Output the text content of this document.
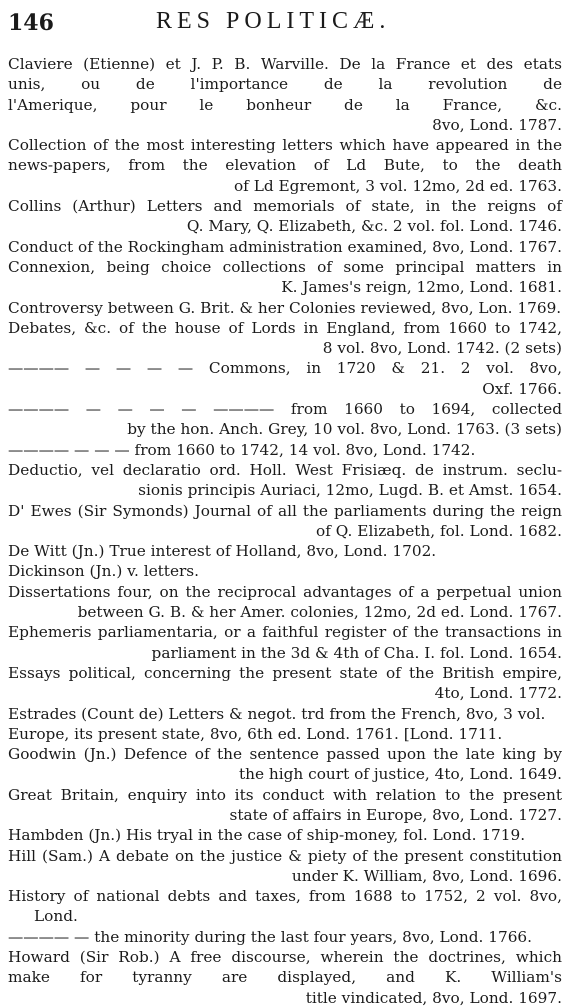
146	RES POLITICÆ.

Claviere (Etienne) et J. P. B. Warville. De la France et des etats
unis, ou de l'importance de la revolution de
l'Amerique, pour le bonheur de la France, &c.
8vo, Lond. 1787.

Collection of the most interesting letters which have appeared in the
news-papers, from the elevation of Ld Bute, to the death
of Ld Egremont, 3 vol. 12mo, 2d ed. 1763.

Collins (Arthur) Letters and memorials of state, in the reigns of
Q. Mary, Q. Elizabeth, &c. 2 vol. fol. Lond. 1746.

Conduct of the Rockingham administration examined, 8vo, Lond. 1767.

Connexion, being choice collections of some principal matters in
K. James's reign, 12mo, Lond. 1681.

Controversy between G. Brit. & her Colonies reviewed, 8vo, Lon. 1769.

Debates, &c. of the house of Lords in England, from 1660 to 1742,
8 vol. 8vo, Lond. 1742. (2 sets)

———— — — — — Commons, in 1720 & 21. 2 vol. 8vo,
Oxf. 1766.

———— — — — — ———— from 1660 to 1694, collected
by the hon. Anch. Grey, 10 vol. 8vo, Lond. 1763. (3 sets)

———— — — — from 1660 to 1742, 14 vol. 8vo, Lond. 1742.

Deductio, vel declaratio ord. Holl. West Frisiæq. de instrum. seclu-
sionis principis Auriaci, 12mo, Lugd. B. et Amst. 1654.

D' Ewes (Sir Symonds) Journal of all the parliaments during the reign
of Q. Elizabeth, fol. Lond. 1682.

De Witt (Jn.) True interest of Holland, 8vo, Lond. 1702.

Dickinson (Jn.) v. letters.

Dissertations four, on the reciprocal advantages of a perpetual union
between G. B. & her Amer. colonies, 12mo, 2d ed. Lond. 1767.

Ephemeris parliamentaria, or a faithful register of the transactions in
parliament in the 3d & 4th of Cha. I. fol. Lond. 1654.

Essays political, concerning the present state of the British empire,
4to, Lond. 1772.

Estrades (Count de) Letters & negot. trd from the French, 8vo, 3 vol.

Europe, its present state, 8vo, 6th ed. Lond. 1761. [Lond. 1711.

Goodwin (Jn.) Defence of the sentence passed upon the late king by
the high court of justice, 4to, Lond. 1649.

Great Britain, enquiry into its conduct with relation to the present
state of affairs in Europe, 8vo, Lond. 1727.

Hambden (Jn.) His tryal in the case of ship-money, fol. Lond. 1719.

Hill (Sam.) A debate on the justice & piety of the present constitution
under K. William, 8vo, Lond. 1696.

History of national debts and taxes, from 1688 to 1752, 2 vol. 8vo, Lond.

———— — the minority during the last four years, 8vo, Lond. 1766.

Howard (Sir Rob.) A free discourse, wherein the doctrines, which
make for tyranny are displayed, and K. William's
title vindicated, 8vo, Lond. 1697.
